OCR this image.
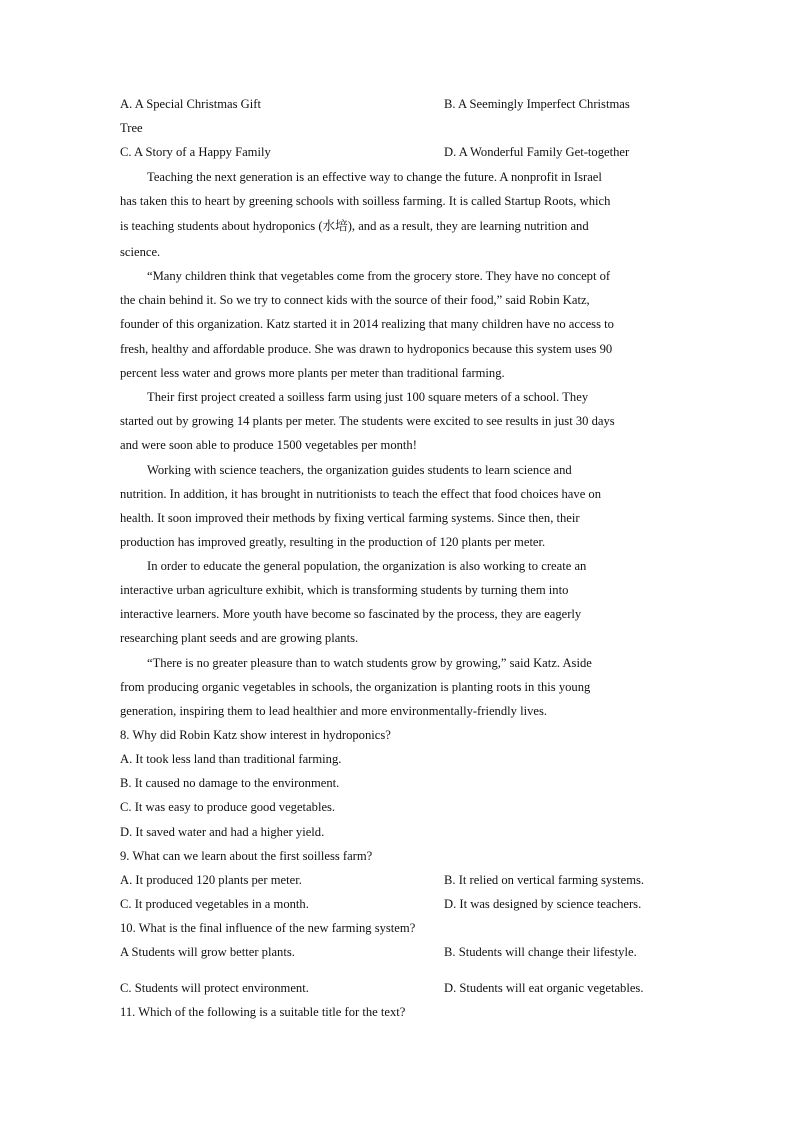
A. A Special Christmas Gift	B. A Seemingly Imperfect Christmas
Tree
C. A Story of a Happy Family	D. A Wonderful Family Get-together
Teaching the next generation is an effective way to change the future. A nonprofit in Israel
has taken this to heart by greening schools with soilless farming. It is called Startup Roots, which
is teaching students about hydroponics (水培), and as a result, they are learning nutrition and
science.
“Many children think that vegetables come from the grocery store. They have no concept of
the chain behind it. So we try to connect kids with the source of their food,” said Robin Katz,
founder of this organization. Katz started it in 2014 realizing that many children have no access to
fresh, healthy and affordable produce. She was drawn to hydroponics because this system uses 90
percent less water and grows more plants per meter than traditional farming.
Their first project created a soilless farm using just 100 square meters of a school. They
started out by growing 14 plants per meter. The students were excited to see results in just 30 days
and were soon able to produce 1500 vegetables per month!
Working with science teachers, the organization guides students to learn science and
nutrition. In addition, it has brought in nutritionists to teach the effect that food choices have on
health. It soon improved their methods by fixing vertical farming systems. Since then, their
production has improved greatly, resulting in the production of 120 plants per meter.
In order to educate the general population, the organization is also working to create an
interactive urban agriculture exhibit, which is transforming students by turning them into
interactive learners. More youth have become so fascinated by the process, they are eagerly
researching plant seeds and are growing plants.
“There is no greater pleasure than to watch students grow by growing,” said Katz. Aside
from producing organic vegetables in schools, the organization is planting roots in this young
generation, inspiring them to lead healthier and more environmentally-friendly lives.
8. Why did Robin Katz show interest in hydroponics?
A. It took less land than traditional farming.
B. It caused no damage to the environment.
C. It was easy to produce good vegetables.
D. It saved water and had a higher yield.
9. What can we learn about the first soilless farm?
A. It produced 120 plants per meter.	B. It relied on vertical farming systems.
C. It produced vegetables in a month.	D. It was designed by science teachers.
10. What is the final influence of the new farming system?
A Students will grow better plants.	B. Students will change their lifestyle.
C. Students will protect environment.	D. Students will eat organic vegetables.
11. Which of the following is a suitable title for the text?
